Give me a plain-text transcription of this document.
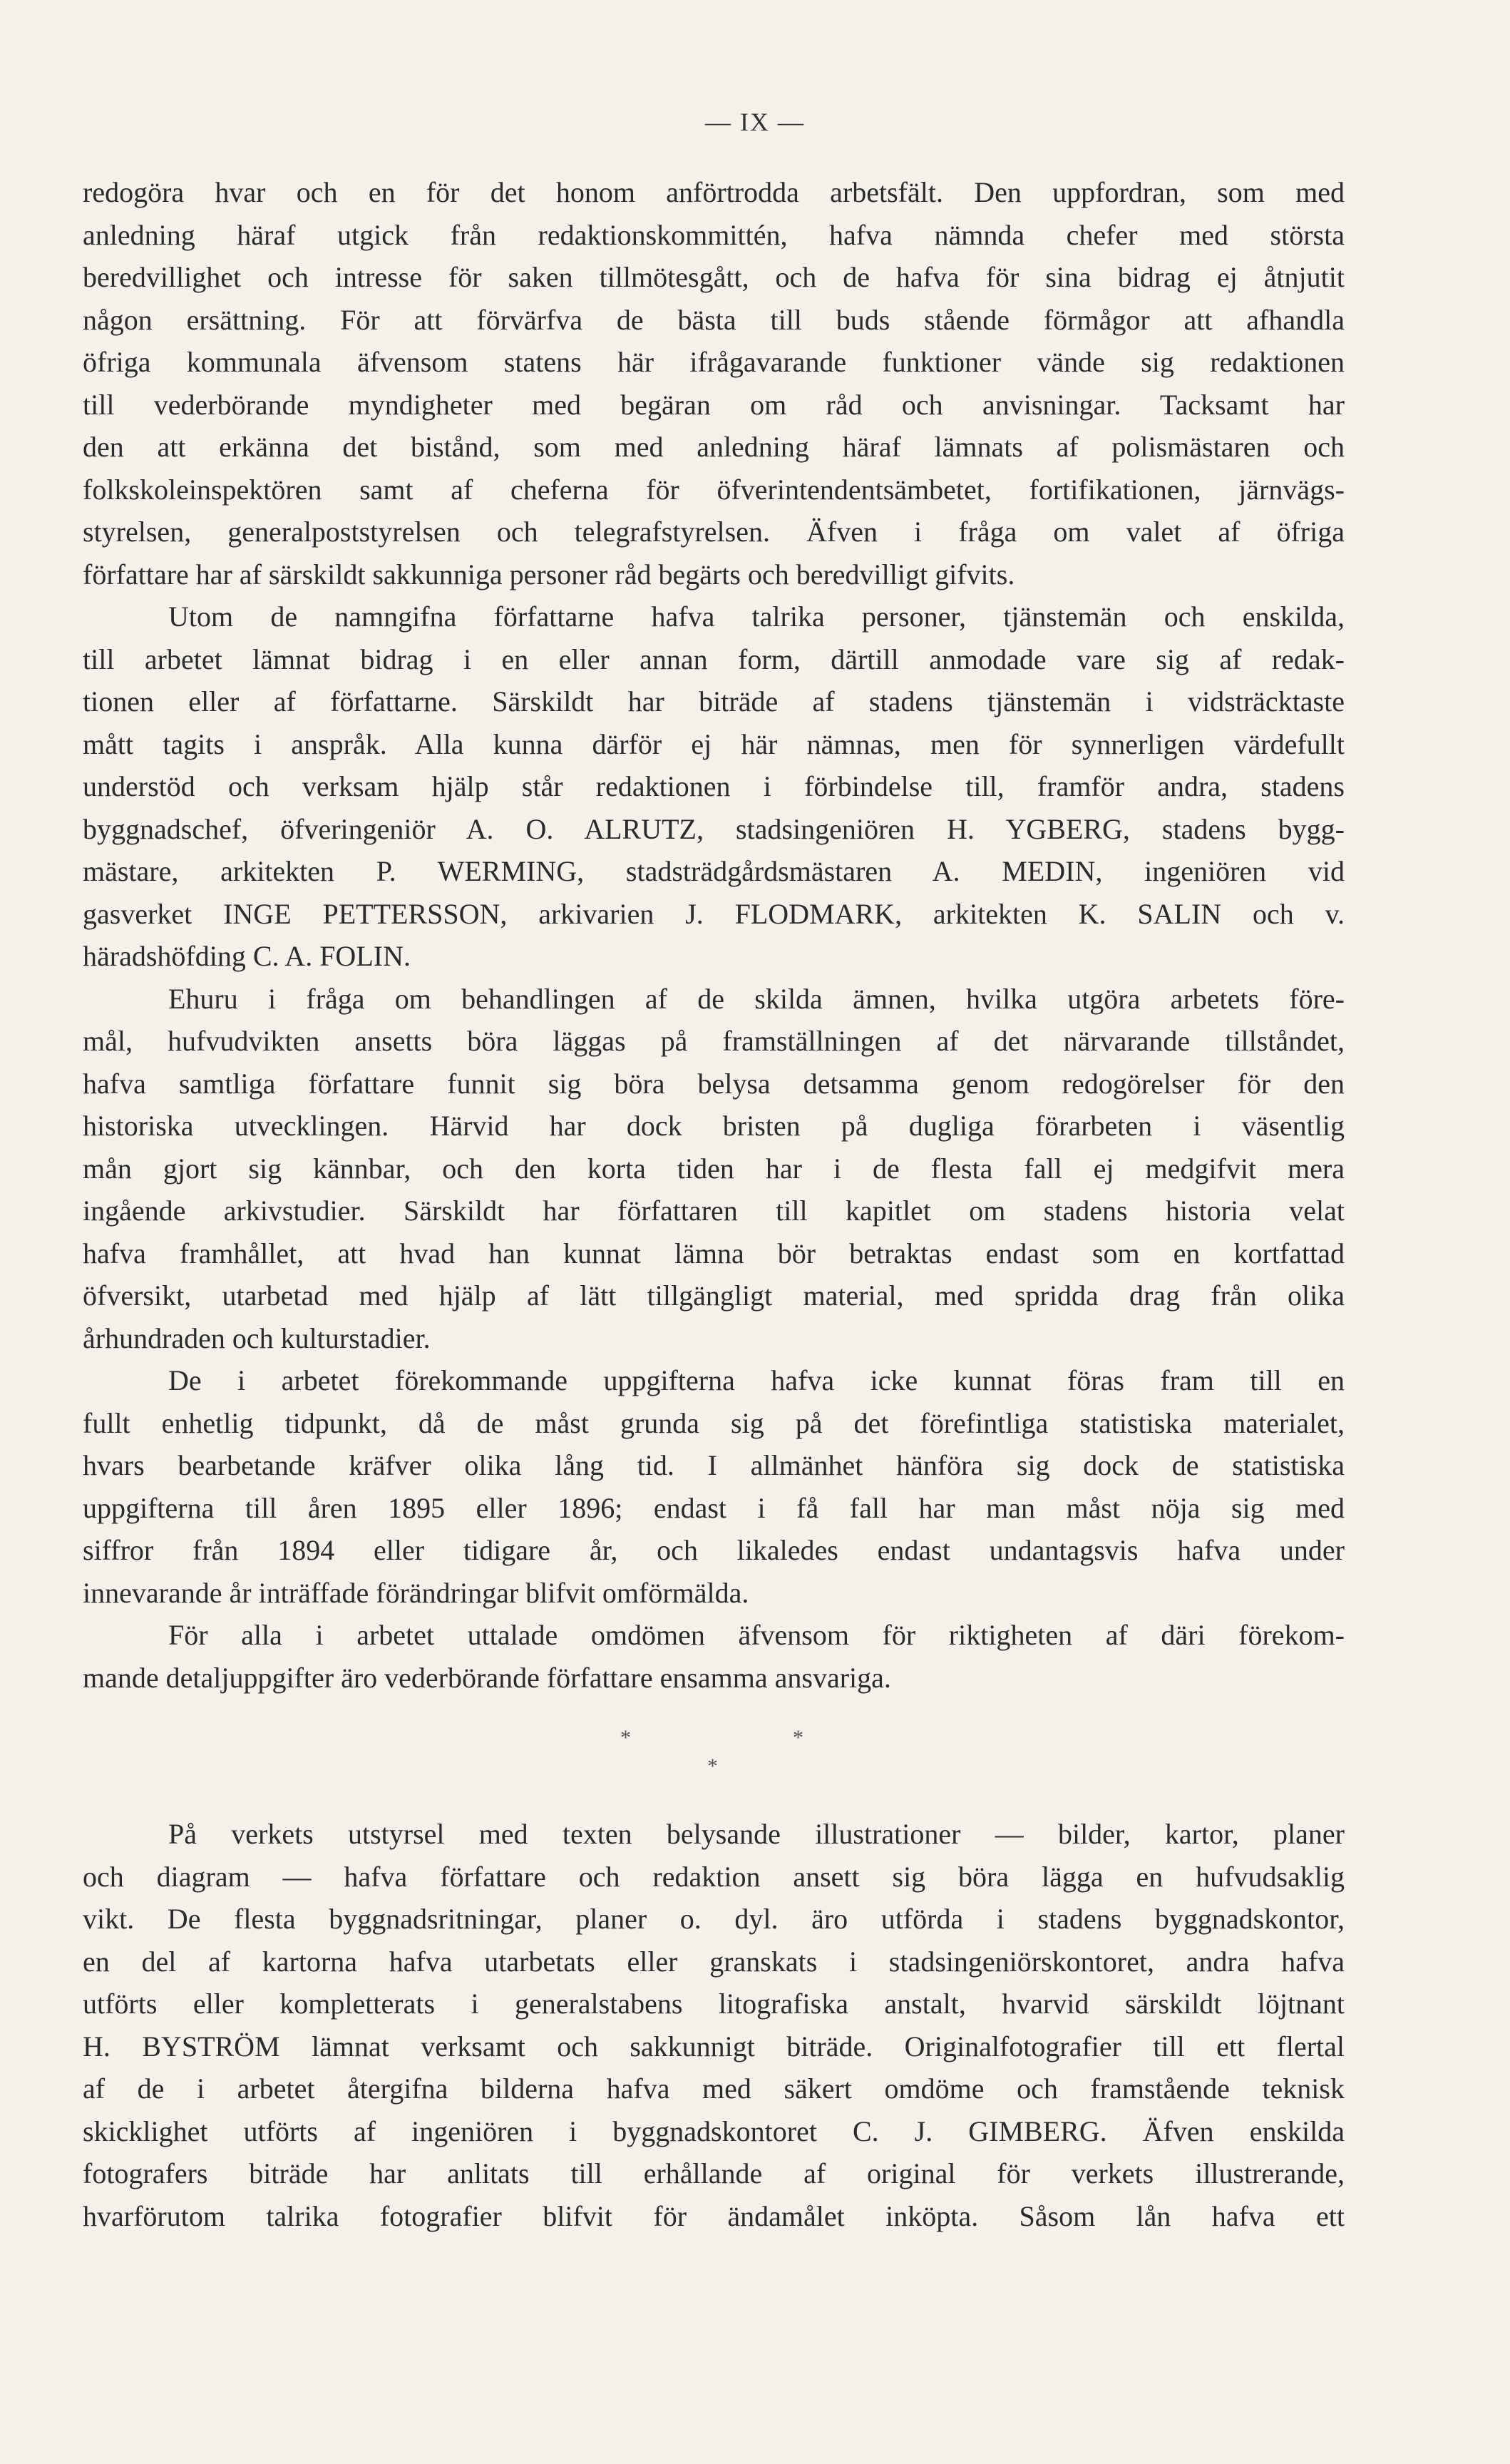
— IX —
redogöra hvar och en för det honom anförtrodda arbetsfält. Den uppfordran, som med
anledning häraf utgick från redaktionskommittén, hafva nämnda chefer med största
beredvillighet och intresse för saken tillmötesgått, och de hafva för sina bidrag ej åtnjutit
någon ersättning. För att förvärfva de bästa till buds stående förmågor att afhandla
öfriga kommunala äfvensom statens här ifrågavarande funktioner vände sig redaktionen
till vederbörande myndigheter med begäran om råd och anvisningar. Tacksamt har
den att erkänna det bistånd, som med anledning häraf lämnats af polismästaren och
folkskoleinspektören samt af cheferna för öfverintendentsämbetet, fortifikationen, järnvägs-
styrelsen, generalpoststyrelsen och telegrafstyrelsen. Äfven i fråga om valet af öfriga
författare har af särskildt sakkunniga personer råd begärts och beredvilligt gifvits.
Utom de namngifna författarne hafva talrika personer, tjänstemän och enskilda,
till arbetet lämnat bidrag i en eller annan form, därtill anmodade vare sig af redak-
tionen eller af författarne. Särskildt har biträde af stadens tjänstemän i vidsträcktaste
mått tagits i anspråk. Alla kunna därför ej här nämnas, men för synnerligen värdefullt
understöd och verksam hjälp står redaktionen i förbindelse till, framför andra, stadens
byggnadschef, öfveringeniör A. O. ALRUTZ, stadsingeniören H. YGBERG, stadens bygg-
mästare, arkitekten P. WERMING, stadsträdgårdsmästaren A. MEDIN, ingeniören vid
gasverket INGE PETTERSSON, arkivarien J. FLODMARK, arkitekten K. SALIN och v.
häradshöfding C. A. FOLIN.
Ehuru i fråga om behandlingen af de skilda ämnen, hvilka utgöra arbetets före-
mål, hufvudvikten ansetts böra läggas på framställningen af det närvarande tillståndet,
hafva samtliga författare funnit sig böra belysa detsamma genom redogörelser för den
historiska utvecklingen. Härvid har dock bristen på dugliga förarbeten i väsentlig
mån gjort sig kännbar, och den korta tiden har i de flesta fall ej medgifvit mera
ingående arkivstudier. Särskildt har författaren till kapitlet om stadens historia velat
hafva framhållet, att hvad han kunnat lämna bör betraktas endast som en kortfattad
öfversikt, utarbetad med hjälp af lätt tillgängligt material, med spridda drag från olika
århundraden och kulturstadier.
De i arbetet förekommande uppgifterna hafva icke kunnat föras fram till en
fullt enhetlig tidpunkt, då de måst grunda sig på det förefintliga statistiska materialet,
hvars bearbetande kräfver olika lång tid. I allmänhet hänföra sig dock de statistiska
uppgifterna till åren 1895 eller 1896; endast i få fall har man måst nöja sig med
siffror från 1894 eller tidigare år, och likaledes endast undantagsvis hafva under
innevarande år inträffade förändringar blifvit omförmälda.
För alla i arbetet uttalade omdömen äfvensom för riktigheten af däri förekom-
mande detaljuppgifter äro vederbörande författare ensamma ansvariga.
*	*
*
På verkets utstyrsel med texten belysande illustrationer — bilder, kartor, planer
och diagram — hafva författare och redaktion ansett sig böra lägga en hufvudsaklig
vikt. De flesta byggnadsritningar, planer o. dyl. äro utförda i stadens byggnadskontor,
en del af kartorna hafva utarbetats eller granskats i stadsingeniörskontoret, andra hafva
utförts eller kompletterats i generalstabens litografiska anstalt, hvarvid särskildt löjtnant
H. BYSTRÖM lämnat verksamt och sakkunnigt biträde. Originalfotografier till ett flertal
af de i arbetet återgifna bilderna hafva med säkert omdöme och framstående teknisk
skicklighet utförts af ingeniören i byggnadskontoret C. J. GIMBERG. Äfven enskilda
fotografers biträde har anlitats till erhållande af original för verkets illustrerande,
hvarförutom talrika fotografier blifvit för ändamålet inköpta. Såsom lån hafva ett
